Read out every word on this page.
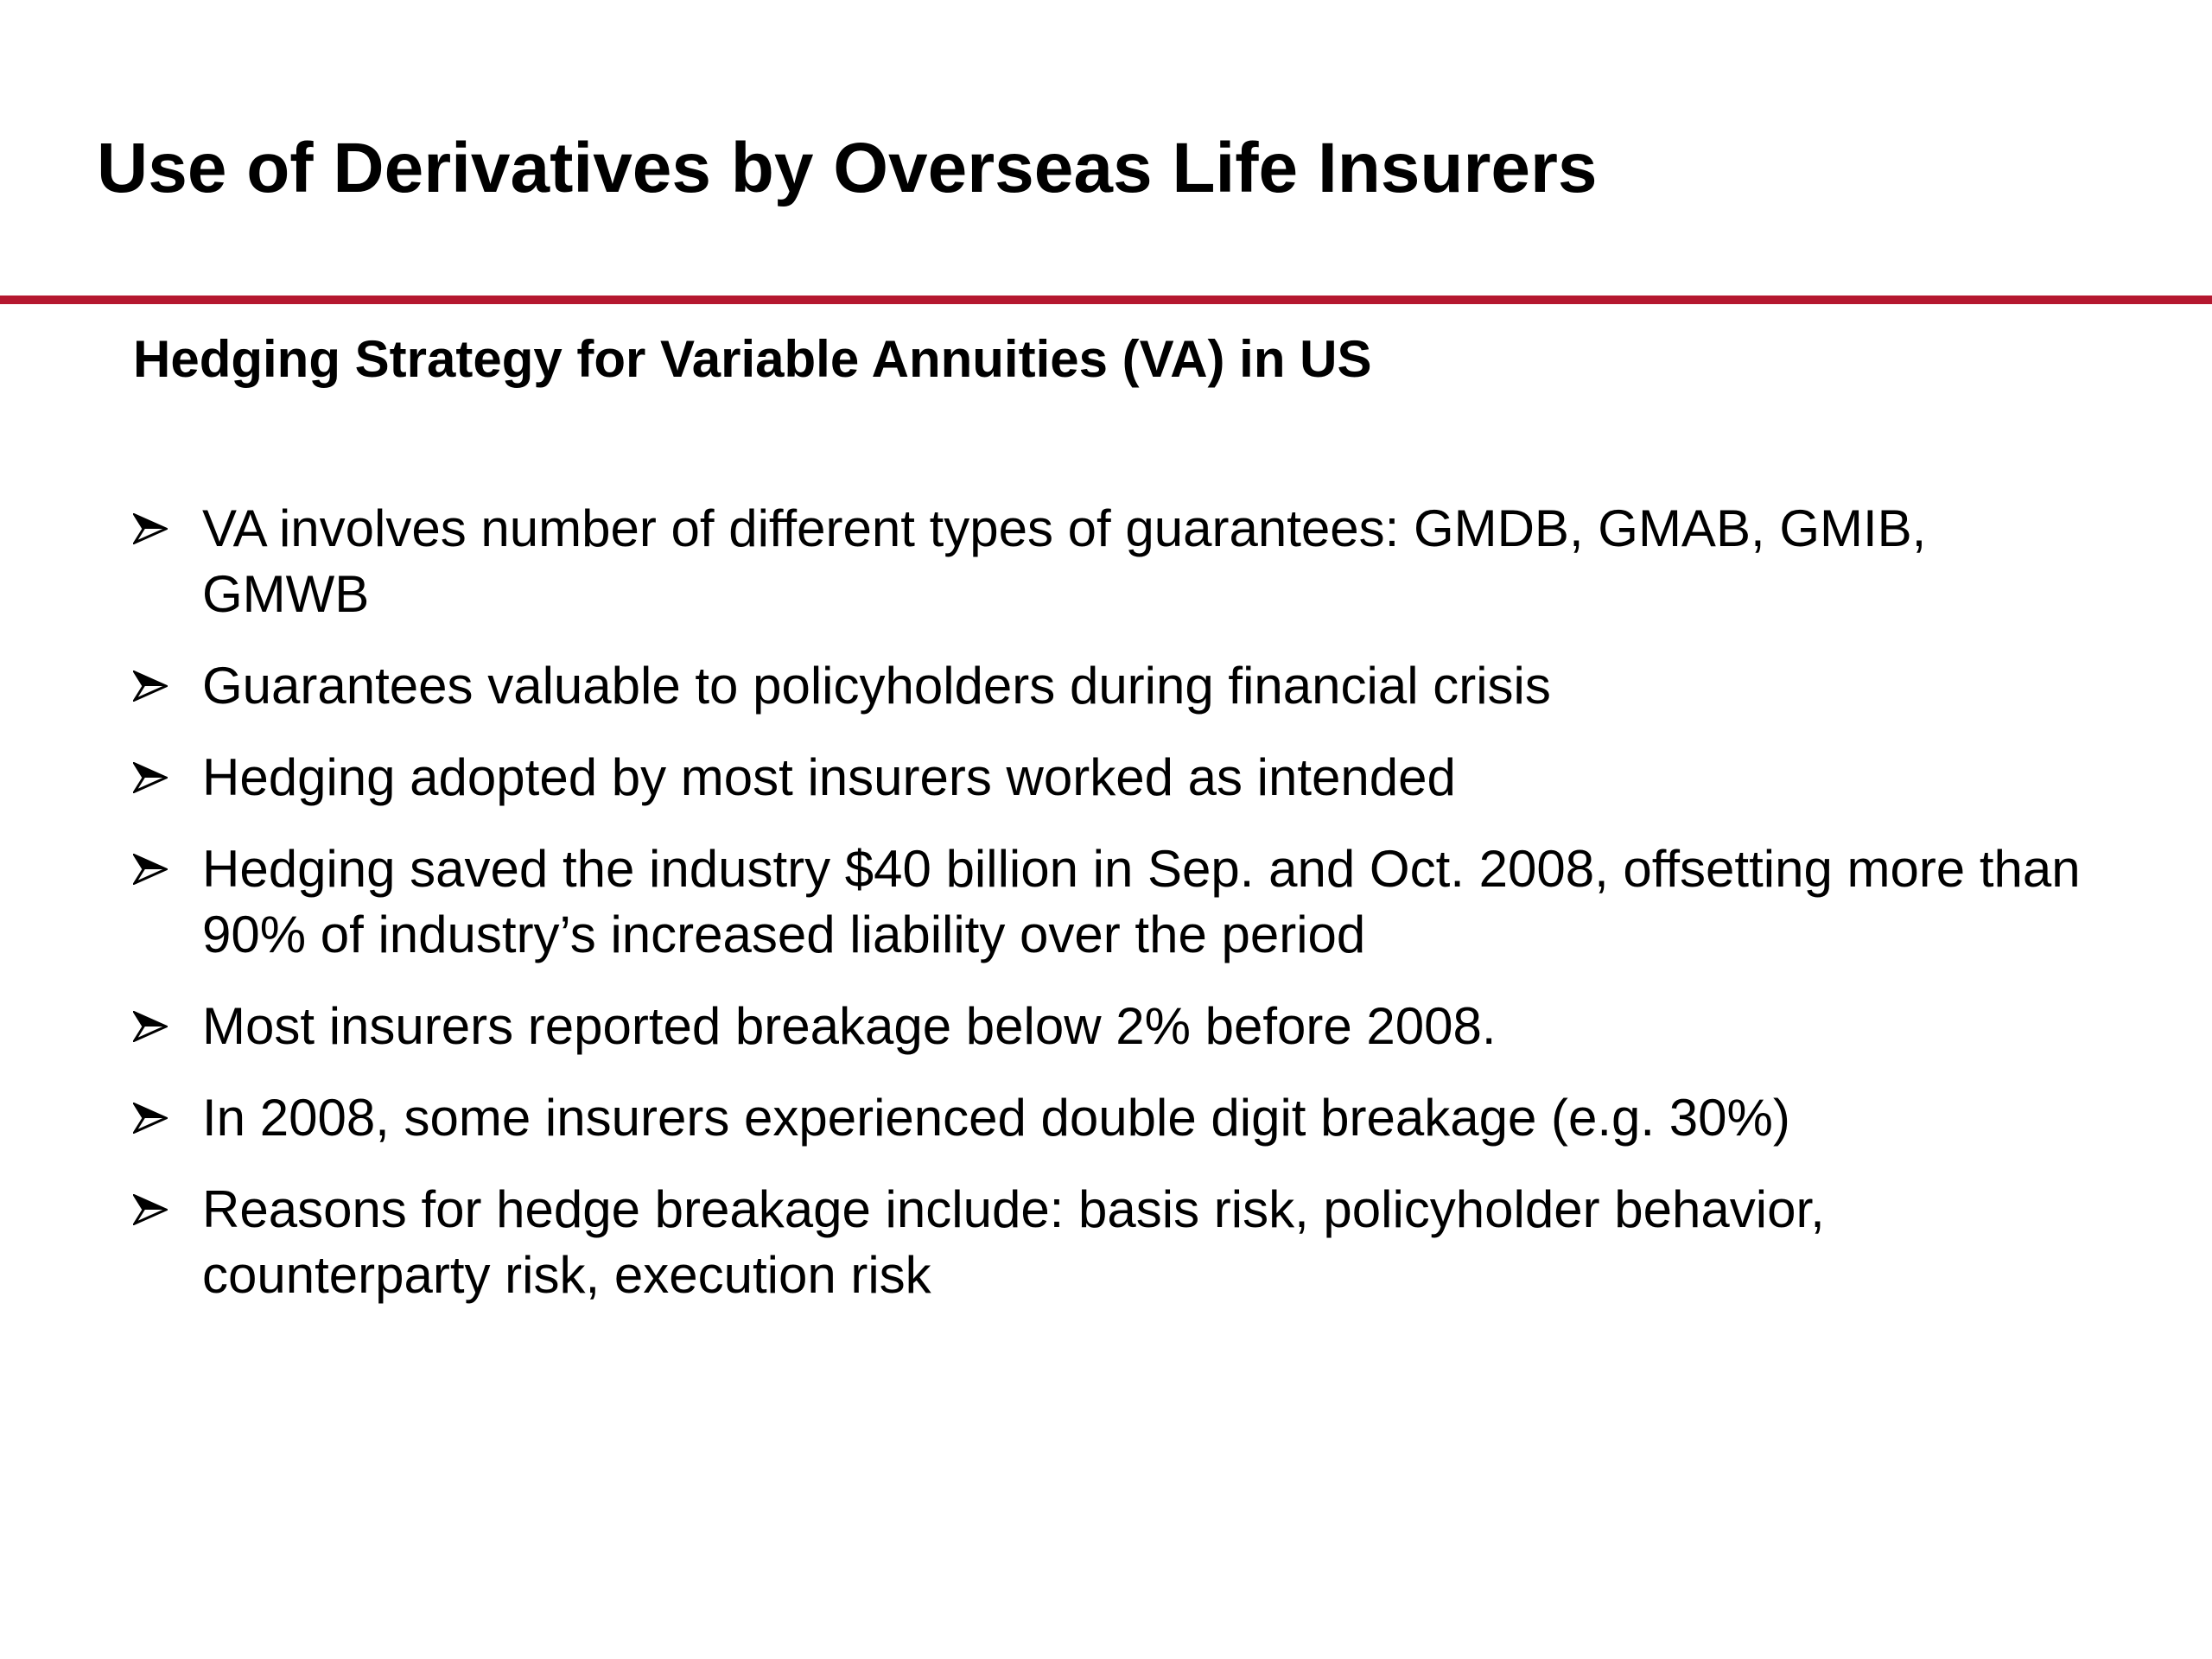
Use of Derivatives by Overseas Life Insurers
Hedging Strategy for Variable Annuities (VA) in US
VA involves number of different types of guarantees: GMDB, GMAB, GMIB, GMWB
Guarantees valuable to policyholders during financial crisis
Hedging adopted by most insurers worked as intended
Hedging saved the industry $40 billion in Sep. and Oct. 2008, offsetting more than 90% of industry’s increased liability over the period
Most insurers reported breakage below 2% before 2008.
In 2008, some insurers experienced double digit breakage (e.g. 30%)
Reasons for hedge breakage include: basis risk, policyholder behavior, counterparty risk, execution risk
